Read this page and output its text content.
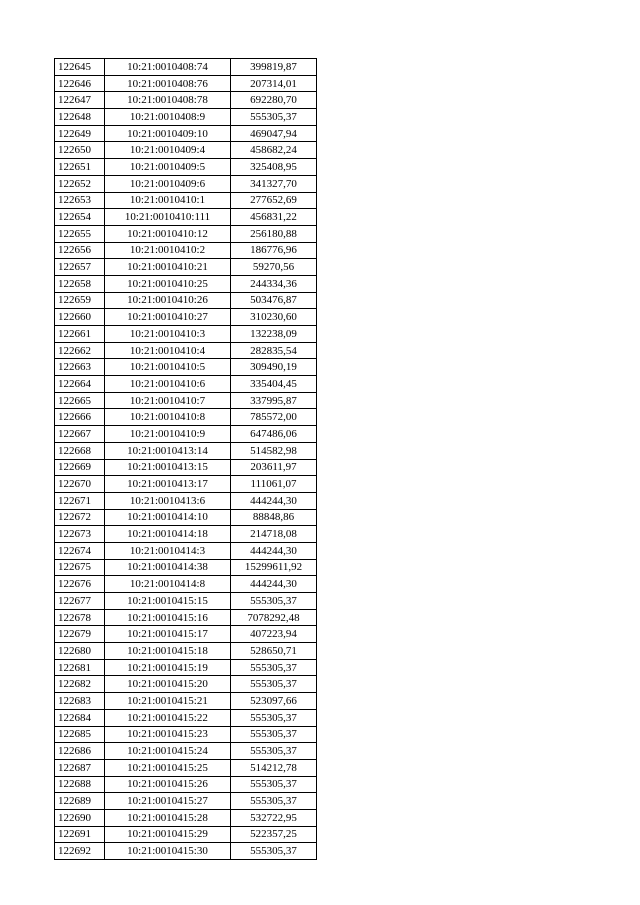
122645	10:21:0010408:74	399819,87
122646	10:21:0010408:76	207314,01
122647	10:21:0010408:78	692280,70
122648	10:21:0010408:9	555305,37
122649	10:21:0010409:10	469047,94
122650	10:21:0010409:4	458682,24
122651	10:21:0010409:5	325408,95
122652	10:21:0010409:6	341327,70
122653	10:21:0010410:1	277652,69
122654	10:21:0010410:111	456831,22
122655	10:21:0010410:12	256180,88
122656	10:21:0010410:2	186776,96
122657	10:21:0010410:21	59270,56
122658	10:21:0010410:25	244334,36
122659	10:21:0010410:26	503476,87
122660	10:21:0010410:27	310230,60
122661	10:21:0010410:3	132238,09
122662	10:21:0010410:4	282835,54
122663	10:21:0010410:5	309490,19
122664	10:21:0010410:6	335404,45
122665	10:21:0010410:7	337995,87
122666	10:21:0010410:8	785572,00
122667	10:21:0010410:9	647486,06
122668	10:21:0010413:14	514582,98
122669	10:21:0010413:15	203611,97
122670	10:21:0010413:17	111061,07
122671	10:21:0010413:6	444244,30
122672	10:21:0010414:10	88848,86
122673	10:21:0010414:18	214718,08
122674	10:21:0010414:3	444244,30
122675	10:21:0010414:38	15299611,92
122676	10:21:0010414:8	444244,30
122677	10:21:0010415:15	555305,37
122678	10:21:0010415:16	7078292,48
122679	10:21:0010415:17	407223,94
122680	10:21:0010415:18	528650,71
122681	10:21:0010415:19	555305,37
122682	10:21:0010415:20	555305,37
122683	10:21:0010415:21	523097,66
122684	10:21:0010415:22	555305,37
122685	10:21:0010415:23	555305,37
122686	10:21:0010415:24	555305,37
122687	10:21:0010415:25	514212,78
122688	10:21:0010415:26	555305,37
122689	10:21:0010415:27	555305,37
122690	10:21:0010415:28	532722,95
122691	10:21:0010415:29	522357,25
122692	10:21:0010415:30	555305,37
